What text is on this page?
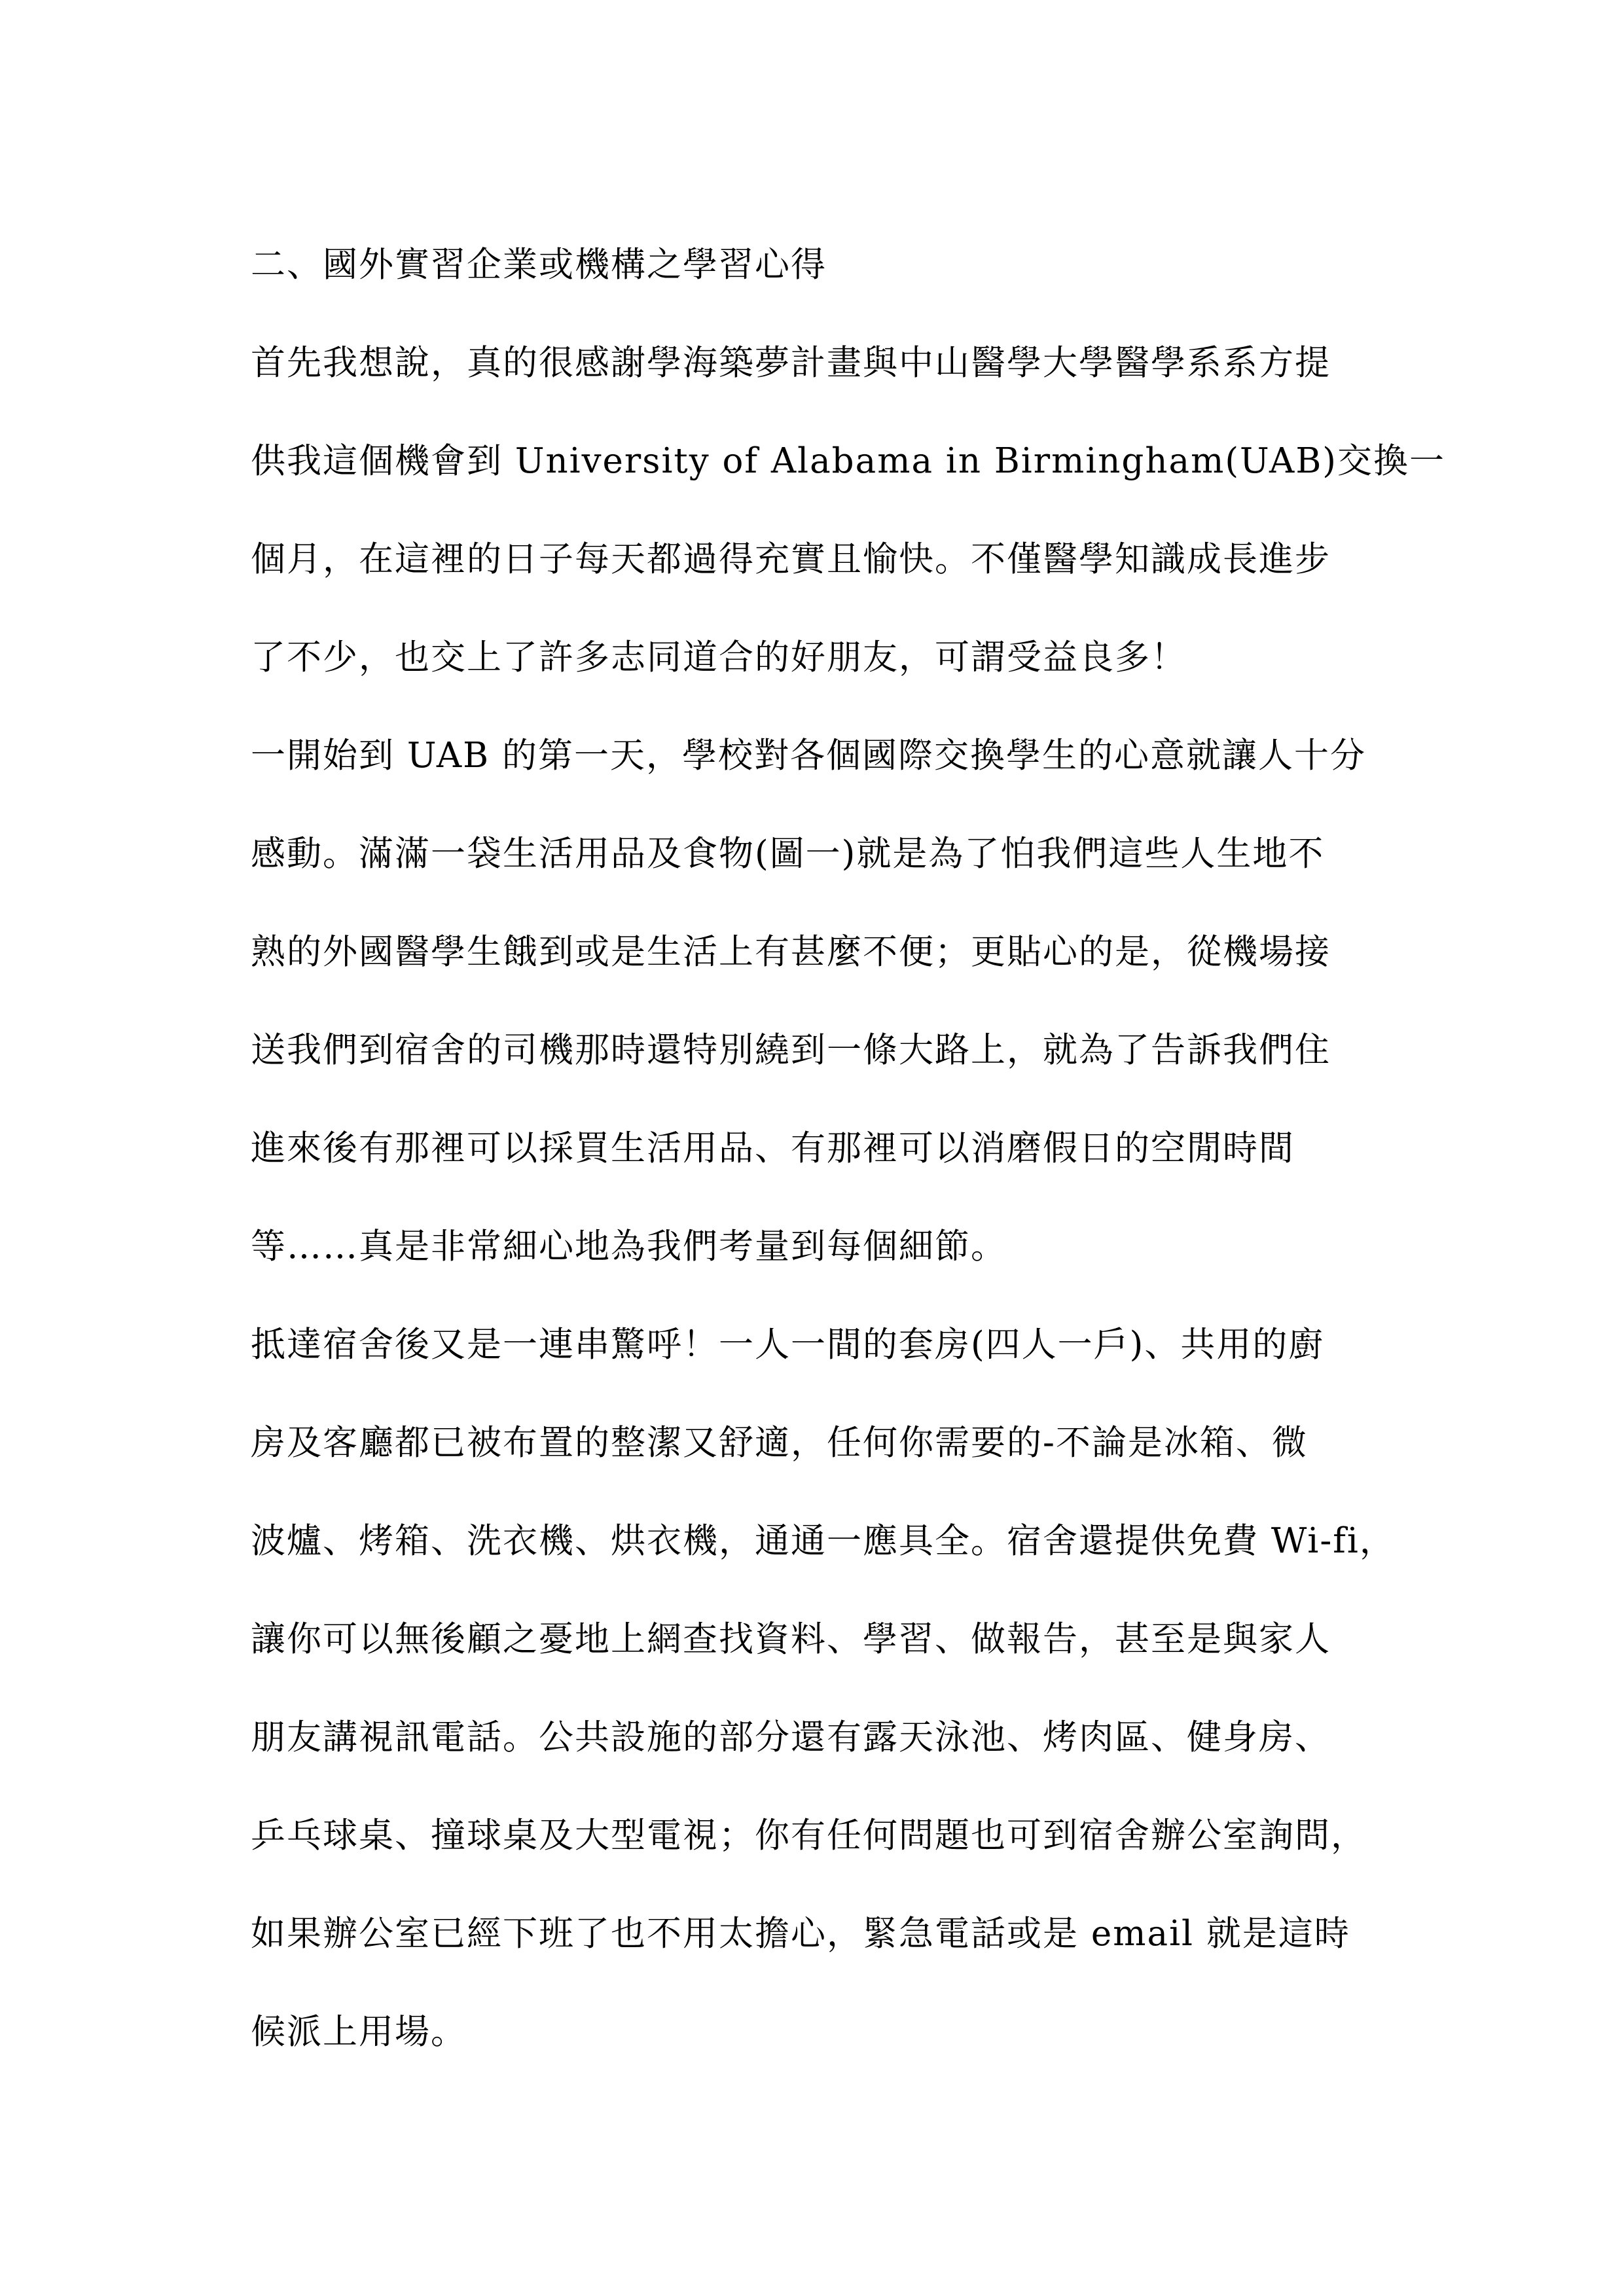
二、國外實習企業或機構之學習心得
首先我想說，真的很感謝學海築夢計畫與中山醫學大學醫學系系方提
供我這個機會到 University of Alabama in Birmingham(UAB)交換一
個月，在這裡的日子每天都過得充實且愉快。不僅醫學知識成長進步
了不少，也交上了許多志同道合的好朋友，可謂受益良多！
一開始到 UAB 的第一天，學校對各個國際交換學生的心意就讓人十分
感動。滿滿一袋生活用品及食物(圖一)就是為了怕我們這些人生地不
熟的外國醫學生餓到或是生活上有甚麼不便；更貼心的是，從機場接
送我們到宿舍的司機那時還特別繞到一條大路上，就為了告訴我們住
進來後有那裡可以採買生活用品、有那裡可以消磨假日的空閒時間
等……真是非常細心地為我們考量到每個細節。
抵達宿舍後又是一連串驚呼！一人一間的套房(四人一戶)、共用的廚
房及客廳都已被布置的整潔又舒適，任何你需要的-不論是冰箱、微
波爐、烤箱、洗衣機、烘衣機，通通一應具全。宿舍還提供免費 Wi-fi，
讓你可以無後顧之憂地上網查找資料、學習、做報告，甚至是與家人
朋友講視訊電話。公共設施的部分還有露天泳池、烤肉區、健身房、
乒乓球桌、撞球桌及大型電視；你有任何問題也可到宿舍辦公室詢問，
如果辦公室已經下班了也不用太擔心，緊急電話或是 email 就是這時
候派上用場。
